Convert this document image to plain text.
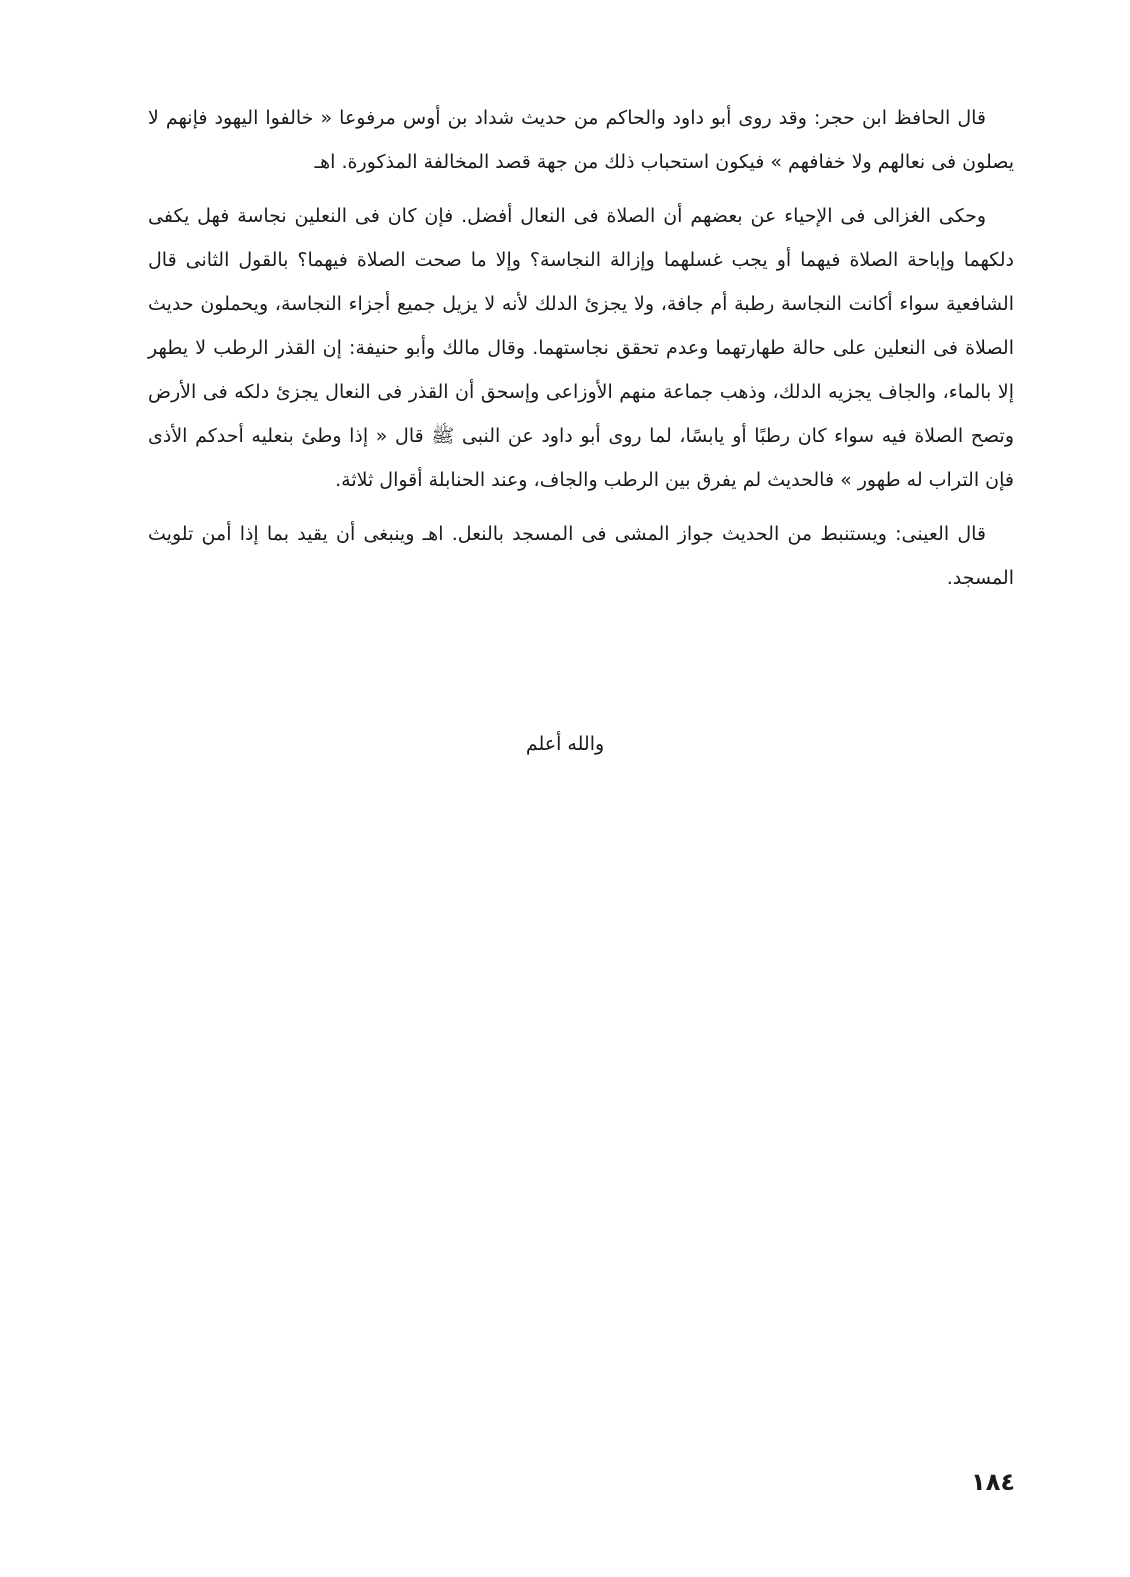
قال الحافظ ابن حجر: وقد روى أبو داود والحاكم من حديث شداد بن أوس مرفوعا « خالفوا اليهود فإنهم لا يصلون فى نعالهم ولا خفافهم » فيكون استحباب ذلك من جهة قصد المخالفة المذكورة. اهـ

وحكى الغزالى فى الإحياء عن بعضهم أن الصلاة فى النعال أفضل. فإن كان فى النعلين نجاسة فهل يكفى دلكهما وإباحة الصلاة فيهما أو يجب غسلهما وإزالة النجاسة؟ وإلا ما صحت الصلاة فيهما؟ بالقول الثانى قال الشافعية سواء أكانت النجاسة رطبة أم جافة، ولا يجزئ الدلك لأنه لا يزيل جميع أجزاء النجاسة، ويحملون حديث الصلاة فى النعلين على حالة طهارتهما وعدم تحقق نجاستهما. وقال مالك وأبو حنيفة: إن القذر الرطب لا يطهر إلا بالماء، والجاف يجزيه الدلك، وذهب جماعة منهم الأوزاعى وإسحق أن القذر فى النعال يجزئ دلكه فى الأرض وتصح الصلاة فيه سواء كان رطبًا أو يابسًا، لما روى أبو داود عن النبى ﷺ قال « إذا وطئ بنعليه أحدكم الأذى فإن التراب له طهور » فالحديث لم يفرق بين الرطب والجاف، وعند الحنابلة أقوال ثلاثة.

قال العينى: ويستنبط من الحديث جواز المشى فى المسجد بالنعل. اهـ وينبغى أن يقيد بما إذا أمن تلويث المسجد.

والله أعلم
١٨٤
